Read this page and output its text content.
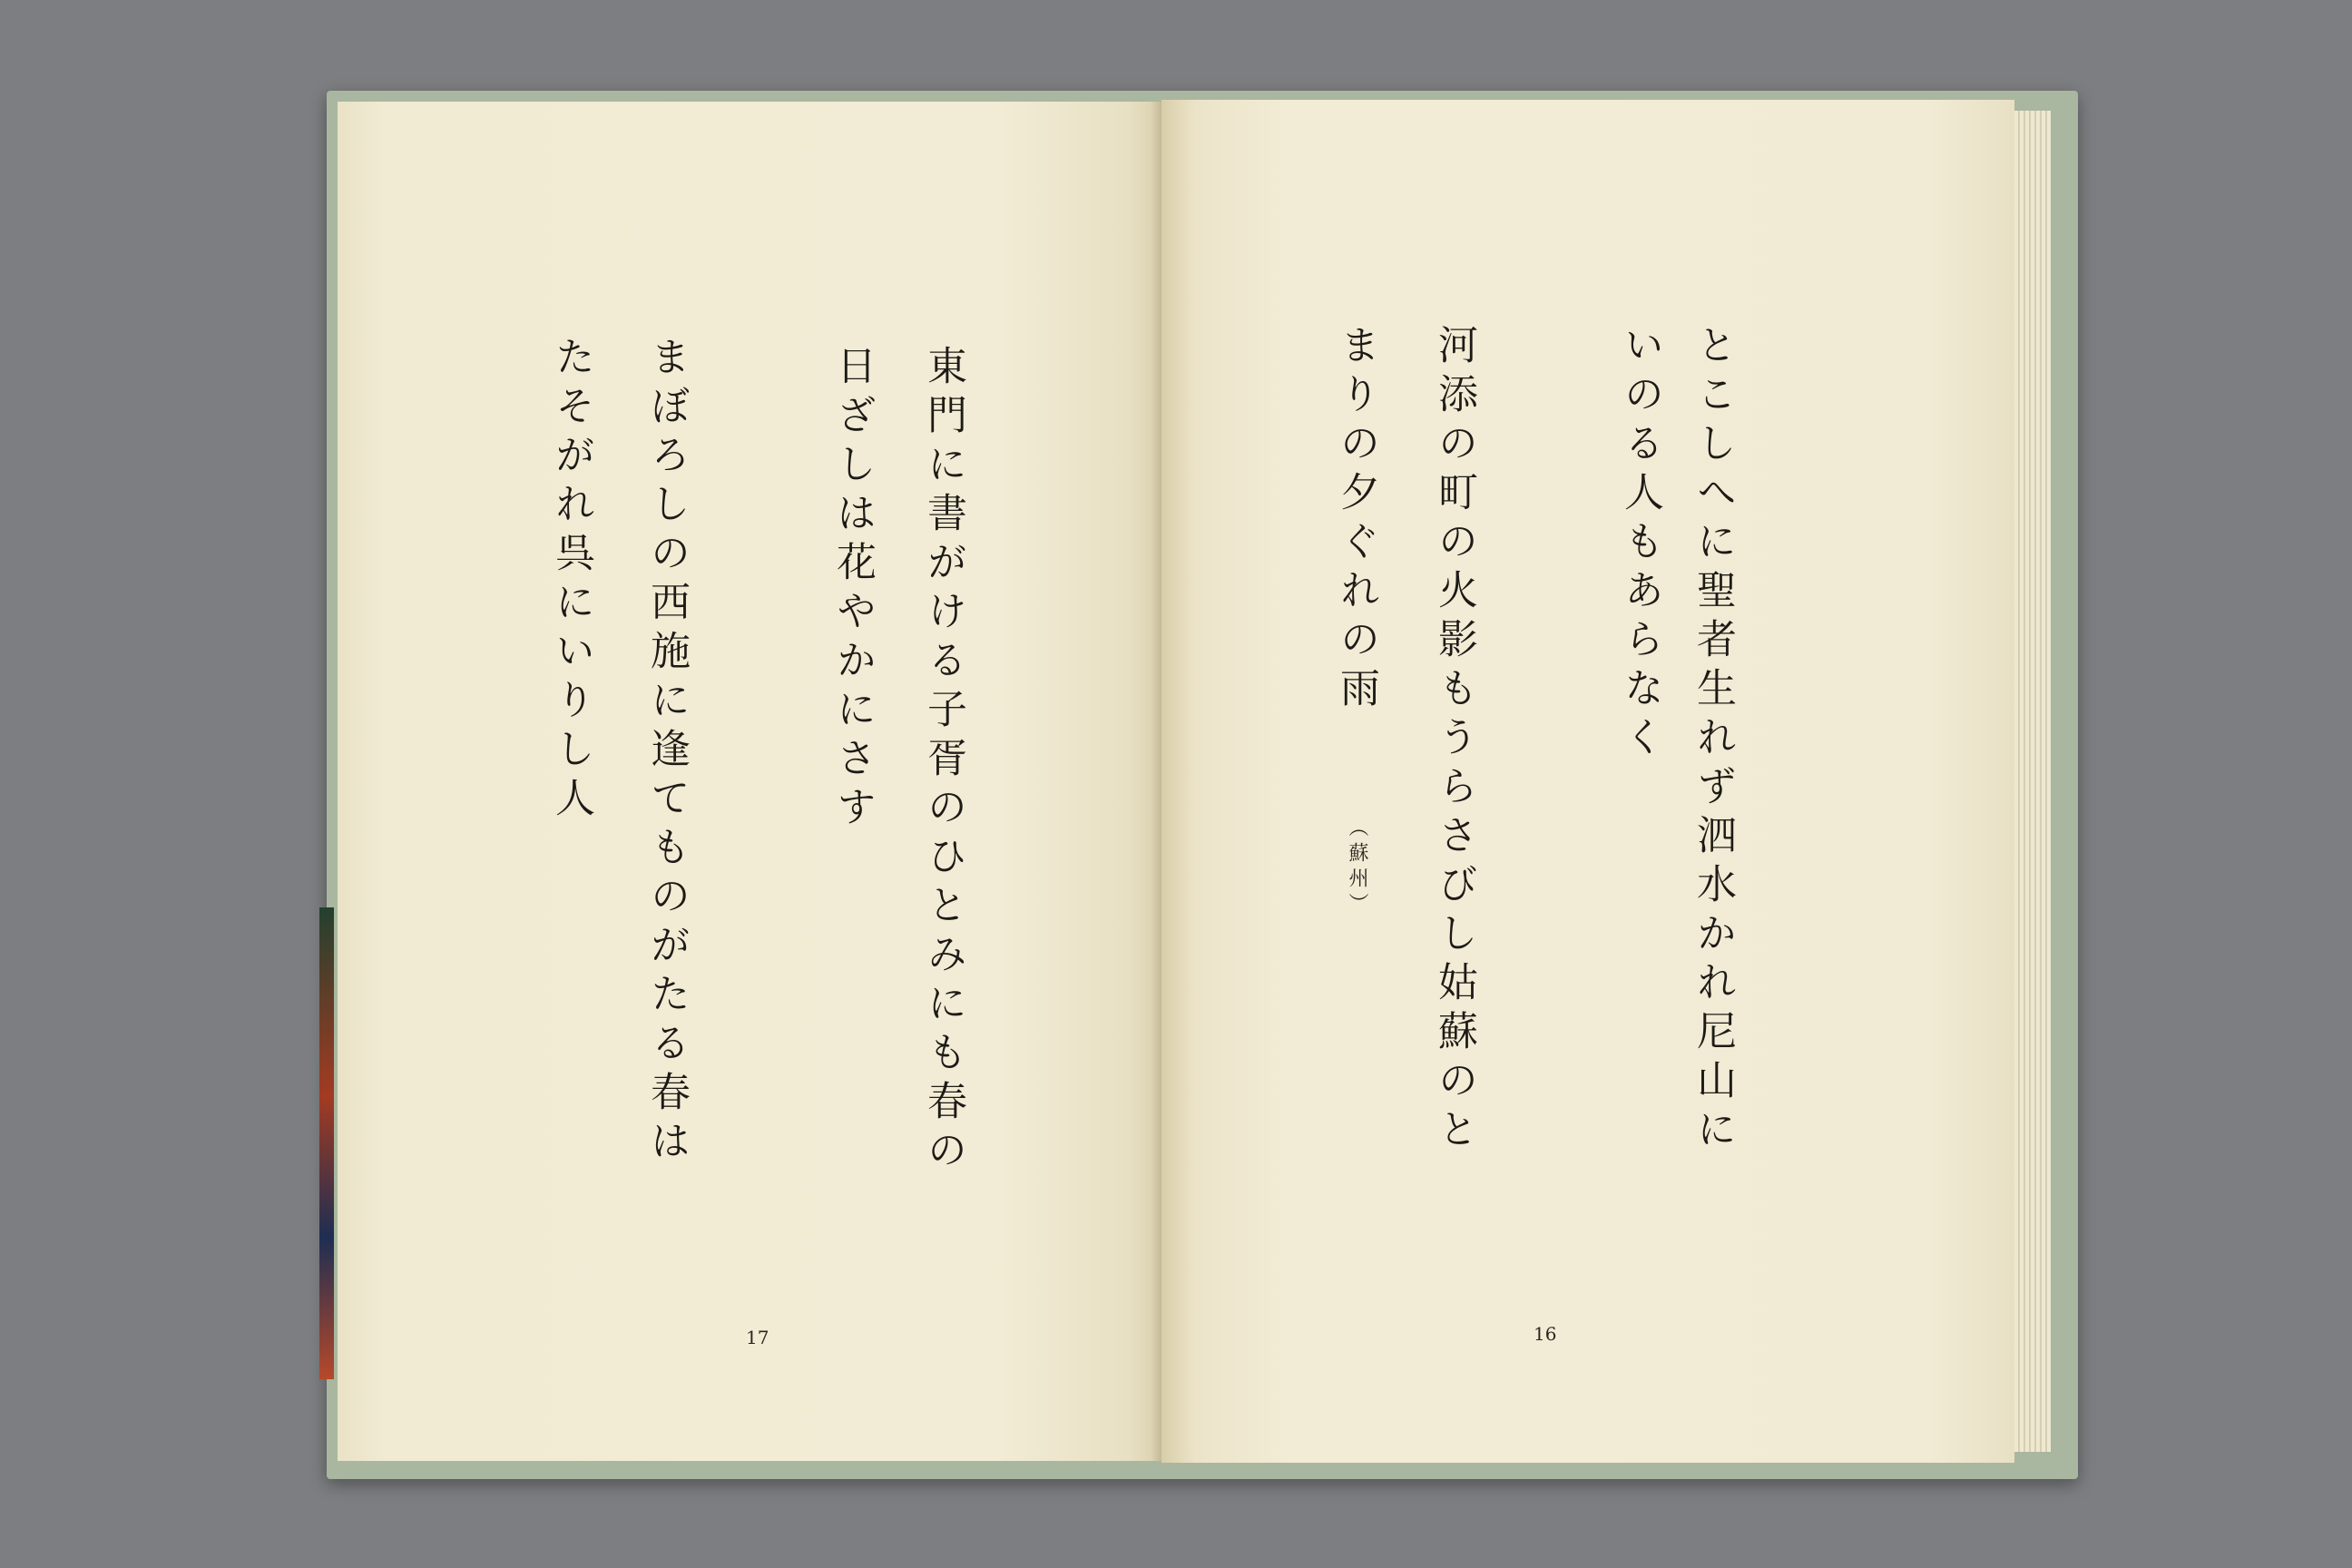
東門に書がける子胥のひとみにも春の
日ざしは花やかにさす
まぼろしの西施に逢てものがたる春は
たそがれ呉にいりし人
17
とこしへに聖者生れず泗水かれ尼山に
いのる人もあらなく
河添の町の火影もうらさびし姑蘇のと
まりの夕ぐれの雨
（蘇州）
16
